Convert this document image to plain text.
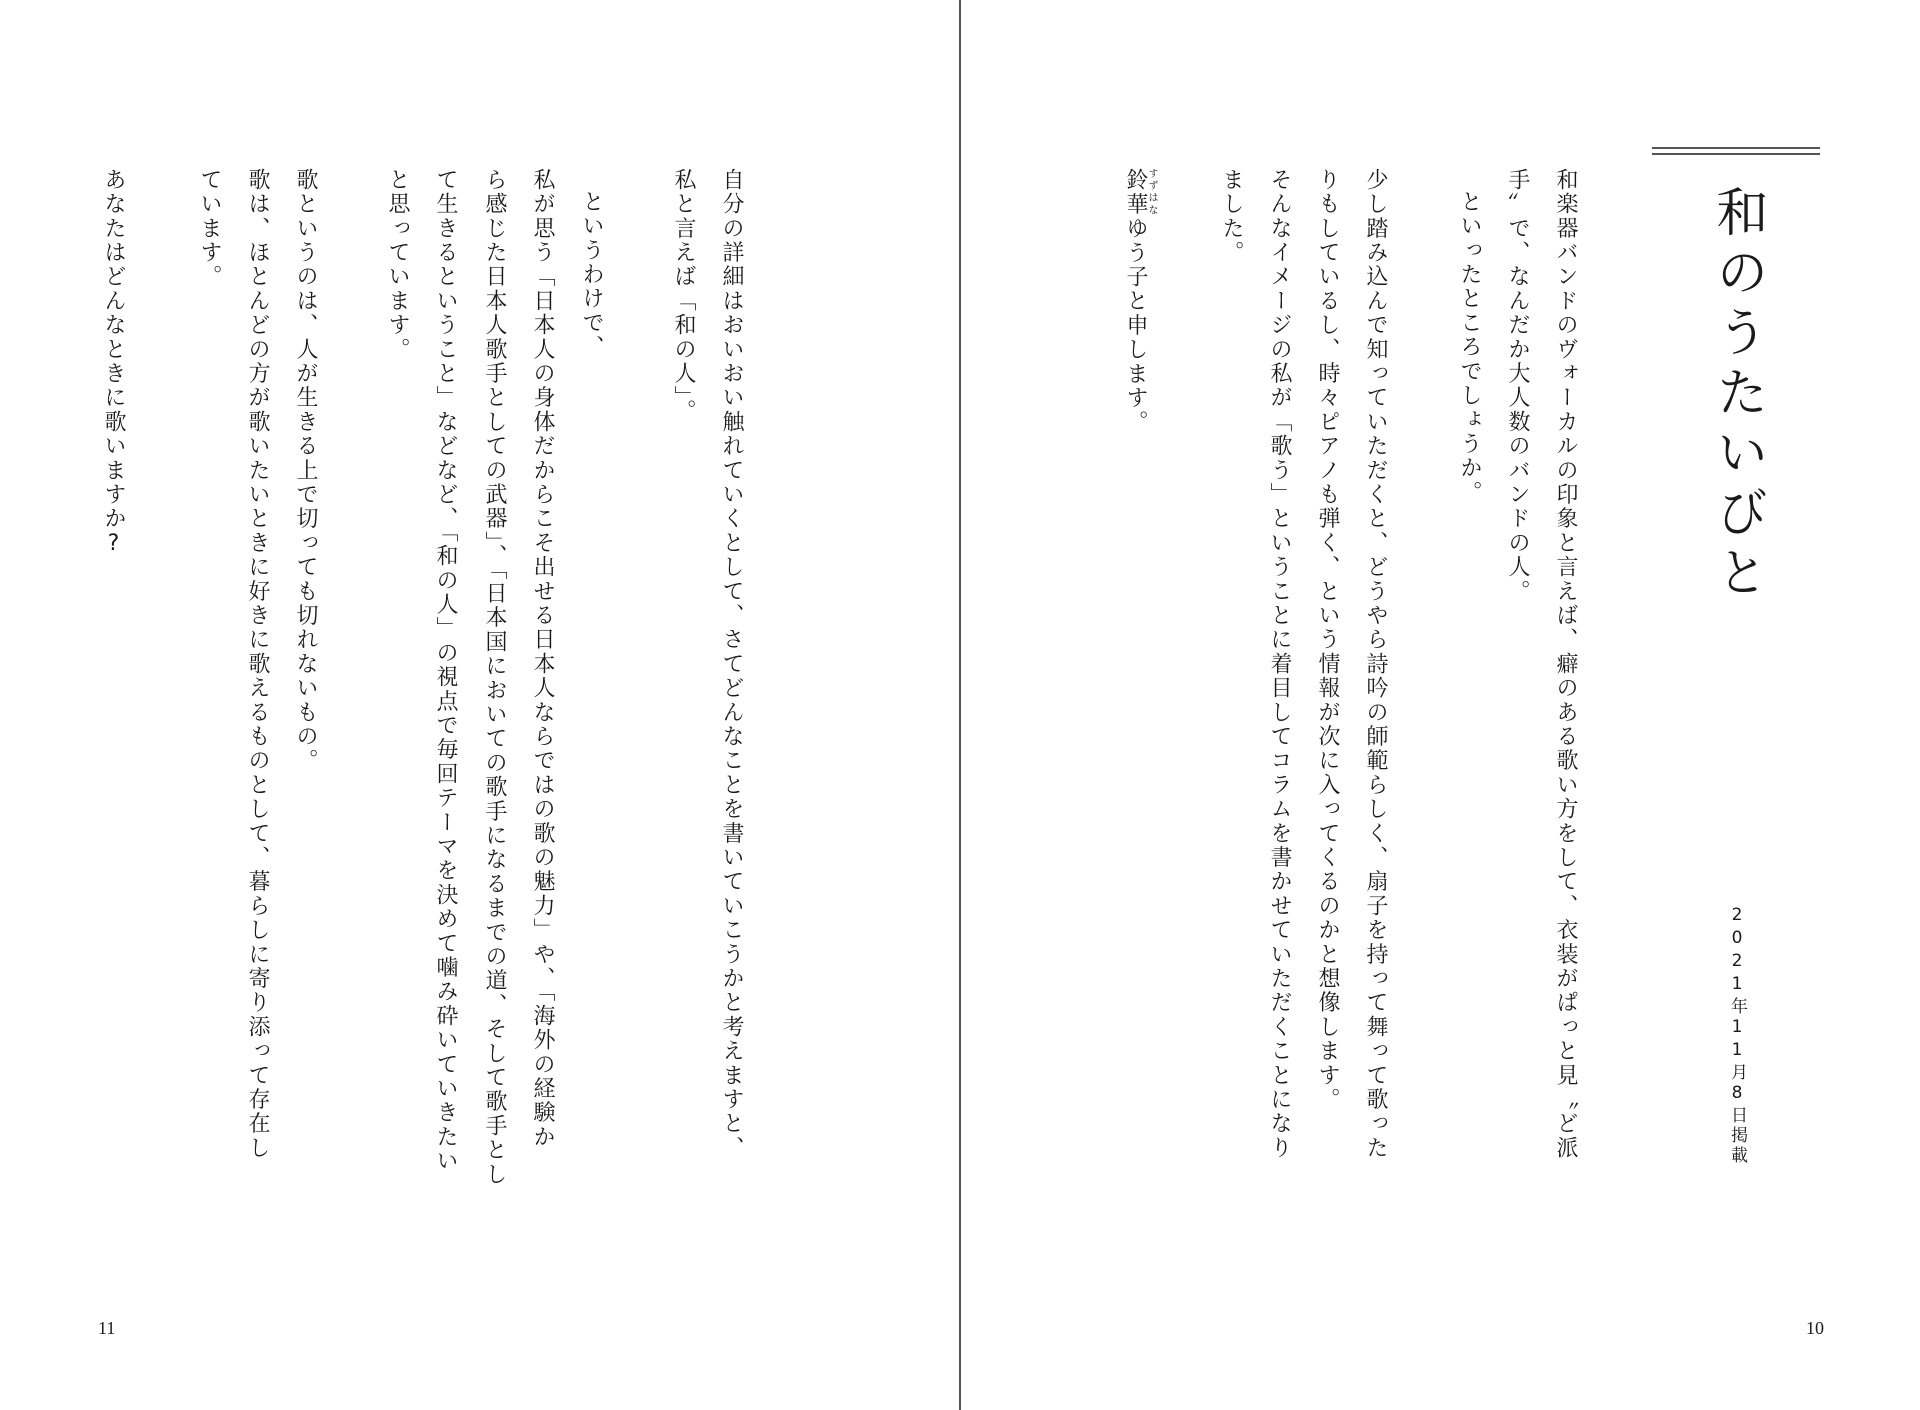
自分の詳細はおいおい触れていくとして、さてどんなことを書いていこうかと考えますと、
私と言えば「和の人」。
というわけで、
私が思う「日本人の身体だからこそ出せる日本人ならではの歌の魅力」や、「海外の経験か
ら感じた日本人歌手としての武器」、「日本国においての歌手になるまでの道、そして歌手とし
て生きるということ」などなど、「和の人」の視点で毎回テーマを決めて噛み砕いていきたい
と思っています。
歌というのは、人が生きる上で切っても切れないもの。
歌は、ほとんどの方が歌いたいときに好きに歌えるものとして、暮らしに寄り添って存在し
ています。
あなたはどんなときに歌いますか?
11
和のうたいびと
2021年11月8日掲載
和楽器バンドのヴォーカルの印象と言えば、癖のある歌い方をして、衣装がぱっと見〝ど派
手〟で、なんだか大人数のバンドの人。
といったところでしょうか。
少し踏み込んで知っていただくと、どうやら詩吟の師範らしく、扇子を持って舞って歌った
りもしているし、時々ピアノも弾く、という情報が次に入ってくるのかと想像します。
そんなイメージの私が「歌う」ということに着目してコラムを書かせていただくことになり
ました。
鈴華すずはなゆう子と申します。
10
